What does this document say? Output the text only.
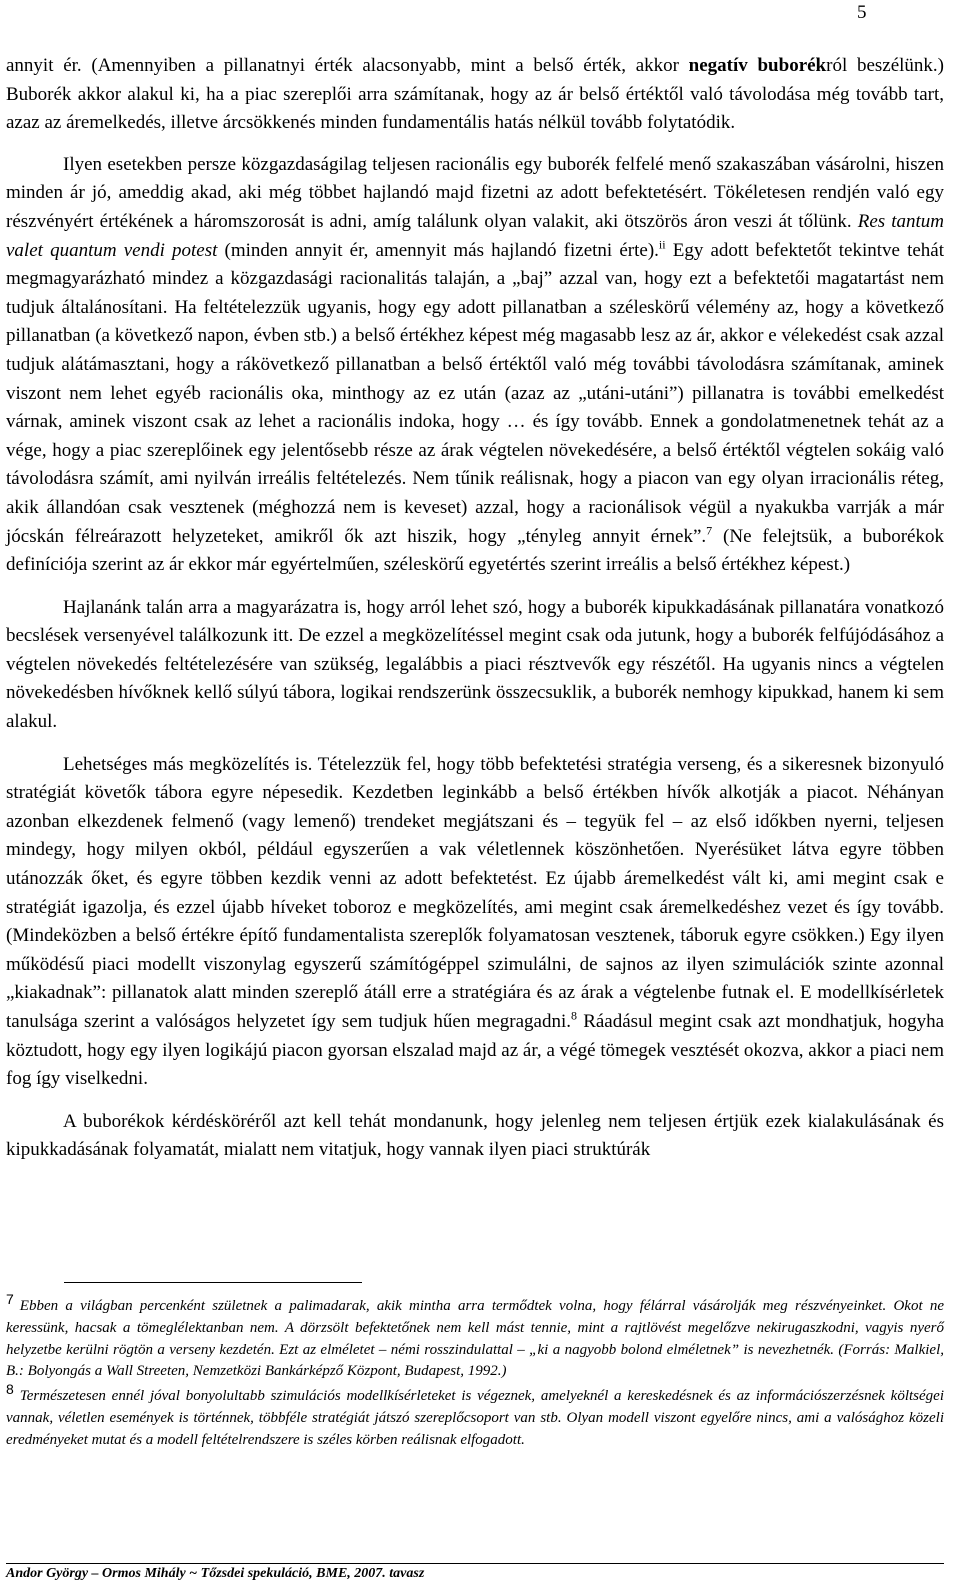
5

annyit ér. (Amennyiben a pillanatnyi érték alacsonyabb, mint a belső érték, akkor negatív buborékról beszélünk.) Buborék akkor alakul ki, ha a piac szereplői arra számítanak, hogy az ár belső értéktől való távolodása még tovább tart, azaz az áremelkedés, illetve árcsökkenés minden fundamentális hatás nélkül tovább folytatódik.

Ilyen esetekben persze közgazdaságilag teljesen racionális egy buborék felfelé menő szakaszában vásárolni, hiszen minden ár jó, ameddig akad, aki még többet hajlandó majd fizetni az adott befektetésért. Tökéletesen rendjén való egy részvényért értékének a háromszorosát is adni, amíg találunk olyan valakit, aki ötszörös áron veszi át tőlünk. Res tantum valet quantum vendi potest (minden annyit ér, amennyit más hajlandó fizetni érte).$^{ii}$ Egy adott befektetőt tekintve tehát megmagyarázható mindez a közgazdasági racionalitás talaján, a „baj” azzal van, hogy ezt a befektetői magatartást nem tudjuk általánosítani. Ha feltételezzük ugyanis, hogy egy adott pillanatban a széleskörű vélemény az, hogy a következő pillanatban (a következő napon, évben stb.) a belső értékhez képest még magasabb lesz az ár, akkor e vélekedést csak azzal tudjuk alátámasztani, hogy a rákövetkező pillanatban a belső értéktől való még további távolodásra számítanak, aminek viszont nem lehet egyéb racionális oka, minthogy az ez után (azaz az „utáni-utáni”) pillanatra is további emelkedést várnak, aminek viszont csak az lehet a racionális indoka, hogy … és így tovább. Ennek a gondolatmenetnek tehát az a vége, hogy a piac szereplőinek egy jelentősebb része az árak végtelen növekedésére, a belső értéktől végtelen sokáig való távolodásra számít, ami nyilván irreális feltételezés. Nem tűnik reálisnak, hogy a piacon van egy olyan irracionális réteg, akik állandóan csak vesztenek (méghozzá nem is keveset) azzal, hogy a racionálisok végül a nyakukba varrják a már jócskán félreárazott helyzeteket, amikről ők azt hiszik, hogy „tényleg annyit érnek”.$^7$ (Ne felejtsük, a buborékok definíciója szerint az ár ekkor már egyértelműen, széleskörű egyetértés szerint irreális a belső értékhez képest.)

Hajlanánk talán arra a magyarázatra is, hogy arról lehet szó, hogy a buborék kipukkadásának pillanatára vonatkozó becslések versenyével találkozunk itt. De ezzel a megközelítéssel megint csak oda jutunk, hogy a buborék felfújódásához a végtelen növekedés feltételezésére van szükség, legalábbis a piaci résztvevők egy részétől. Ha ugyanis nincs a végtelen növekedésben hívőknek kellő súlyú tábora, logikai rendszerünk összecsuklik, a buborék nemhogy kipukkad, hanem ki sem alakul.

Lehetséges más megközelítés is. Tételezzük fel, hogy több befektetési stratégia verseng, és a sikeresnek bizonyuló stratégiát követők tábora egyre népesedik. Kezdetben leginkább a belső értékben hívők alkotják a piacot. Néhányan azonban elkezdenek felmenő (vagy lemenő) trendeket megjátszani és – tegyük fel – az első időkben nyerni, teljesen mindegy, hogy milyen okból, például egyszerűen a vak véletlennek köszönhetően. Nyerésüket látva egyre többen utánozzák őket, és egyre többen kezdik venni az adott befektetést. Ez újabb áremelkedést vált ki, ami megint csak e stratégiát igazolja, és ezzel újabb híveket toboroz e megközelítés, ami megint csak áremelkedéshez vezet és így tovább. (Mindeközben a belső értékre építő fundamentalista szereplők folyamatosan vesztenek, táboruk egyre csökken.) Egy ilyen működésű piaci modellt viszonylag egyszerű számítógéppel szimulálni, de sajnos az ilyen szimulációk szinte azonnal „kiakadnak”: pillanatok alatt minden szereplő átáll erre a stratégiára és az árak a végtelenbe futnak el. E modellkísérletek tanulsága szerint a valóságos helyzetet így sem tudjuk hűen megragadni.$^8$ Ráadásul megint csak azt mondhatjuk, hogyha köztudott, hogy egy ilyen logikájú piacon gyorsan elszalad majd az ár, a végé tömegek vesztését okozva, akkor a piaci nem fog így viselkedni.

A buborékok kérdésköréről azt kell tehát mondanunk, hogy jelenleg nem teljesen értjük ezek kialakulásának és kipukkadásának folyamatát, mialatt nem vitatjuk, hogy vannak ilyen piaci struktúrák

7 Ebben a világban percenként születnek a palimadarak, akik mintha arra termődtek volna, hogy félárral vásárolják meg részvényeinket. Okot ne keressünk, hacsak a tömeglélektanban nem. A dörzsölt befektetőnek nem kell mást tennie, mint a rajtlövést megelőzve nekirugaszkodni, vagyis nyerő helyzetbe kerülni rögtön a verseny kezdetén. Ezt az elméletet – némi rosszindulattal – „ki a nagyobb bolond elméletnek” is nevezhetnék. (Forrás: Malkiel, B.: Bolyongás a Wall Streeten, Nemzetközi Bankárképző Központ, Budapest, 1992.)

8 Természetesen ennél jóval bonyolultabb szimulációs modellkísérleteket is végeznek, amelyeknél a kereskedésnek és az információszerzésnek költségei vannak, véletlen események is történnek, többféle stratégiát játszó szereplőcsoport van stb. Olyan modell viszont egyelőre nincs, ami a valósághoz közeli eredményeket mutat és a modell feltételrendszere is széles körben reálisnak elfogadott.

Andor György – Ormos Mihály ~ Tőzsdei spekuláció, BME, 2007. tavasz
